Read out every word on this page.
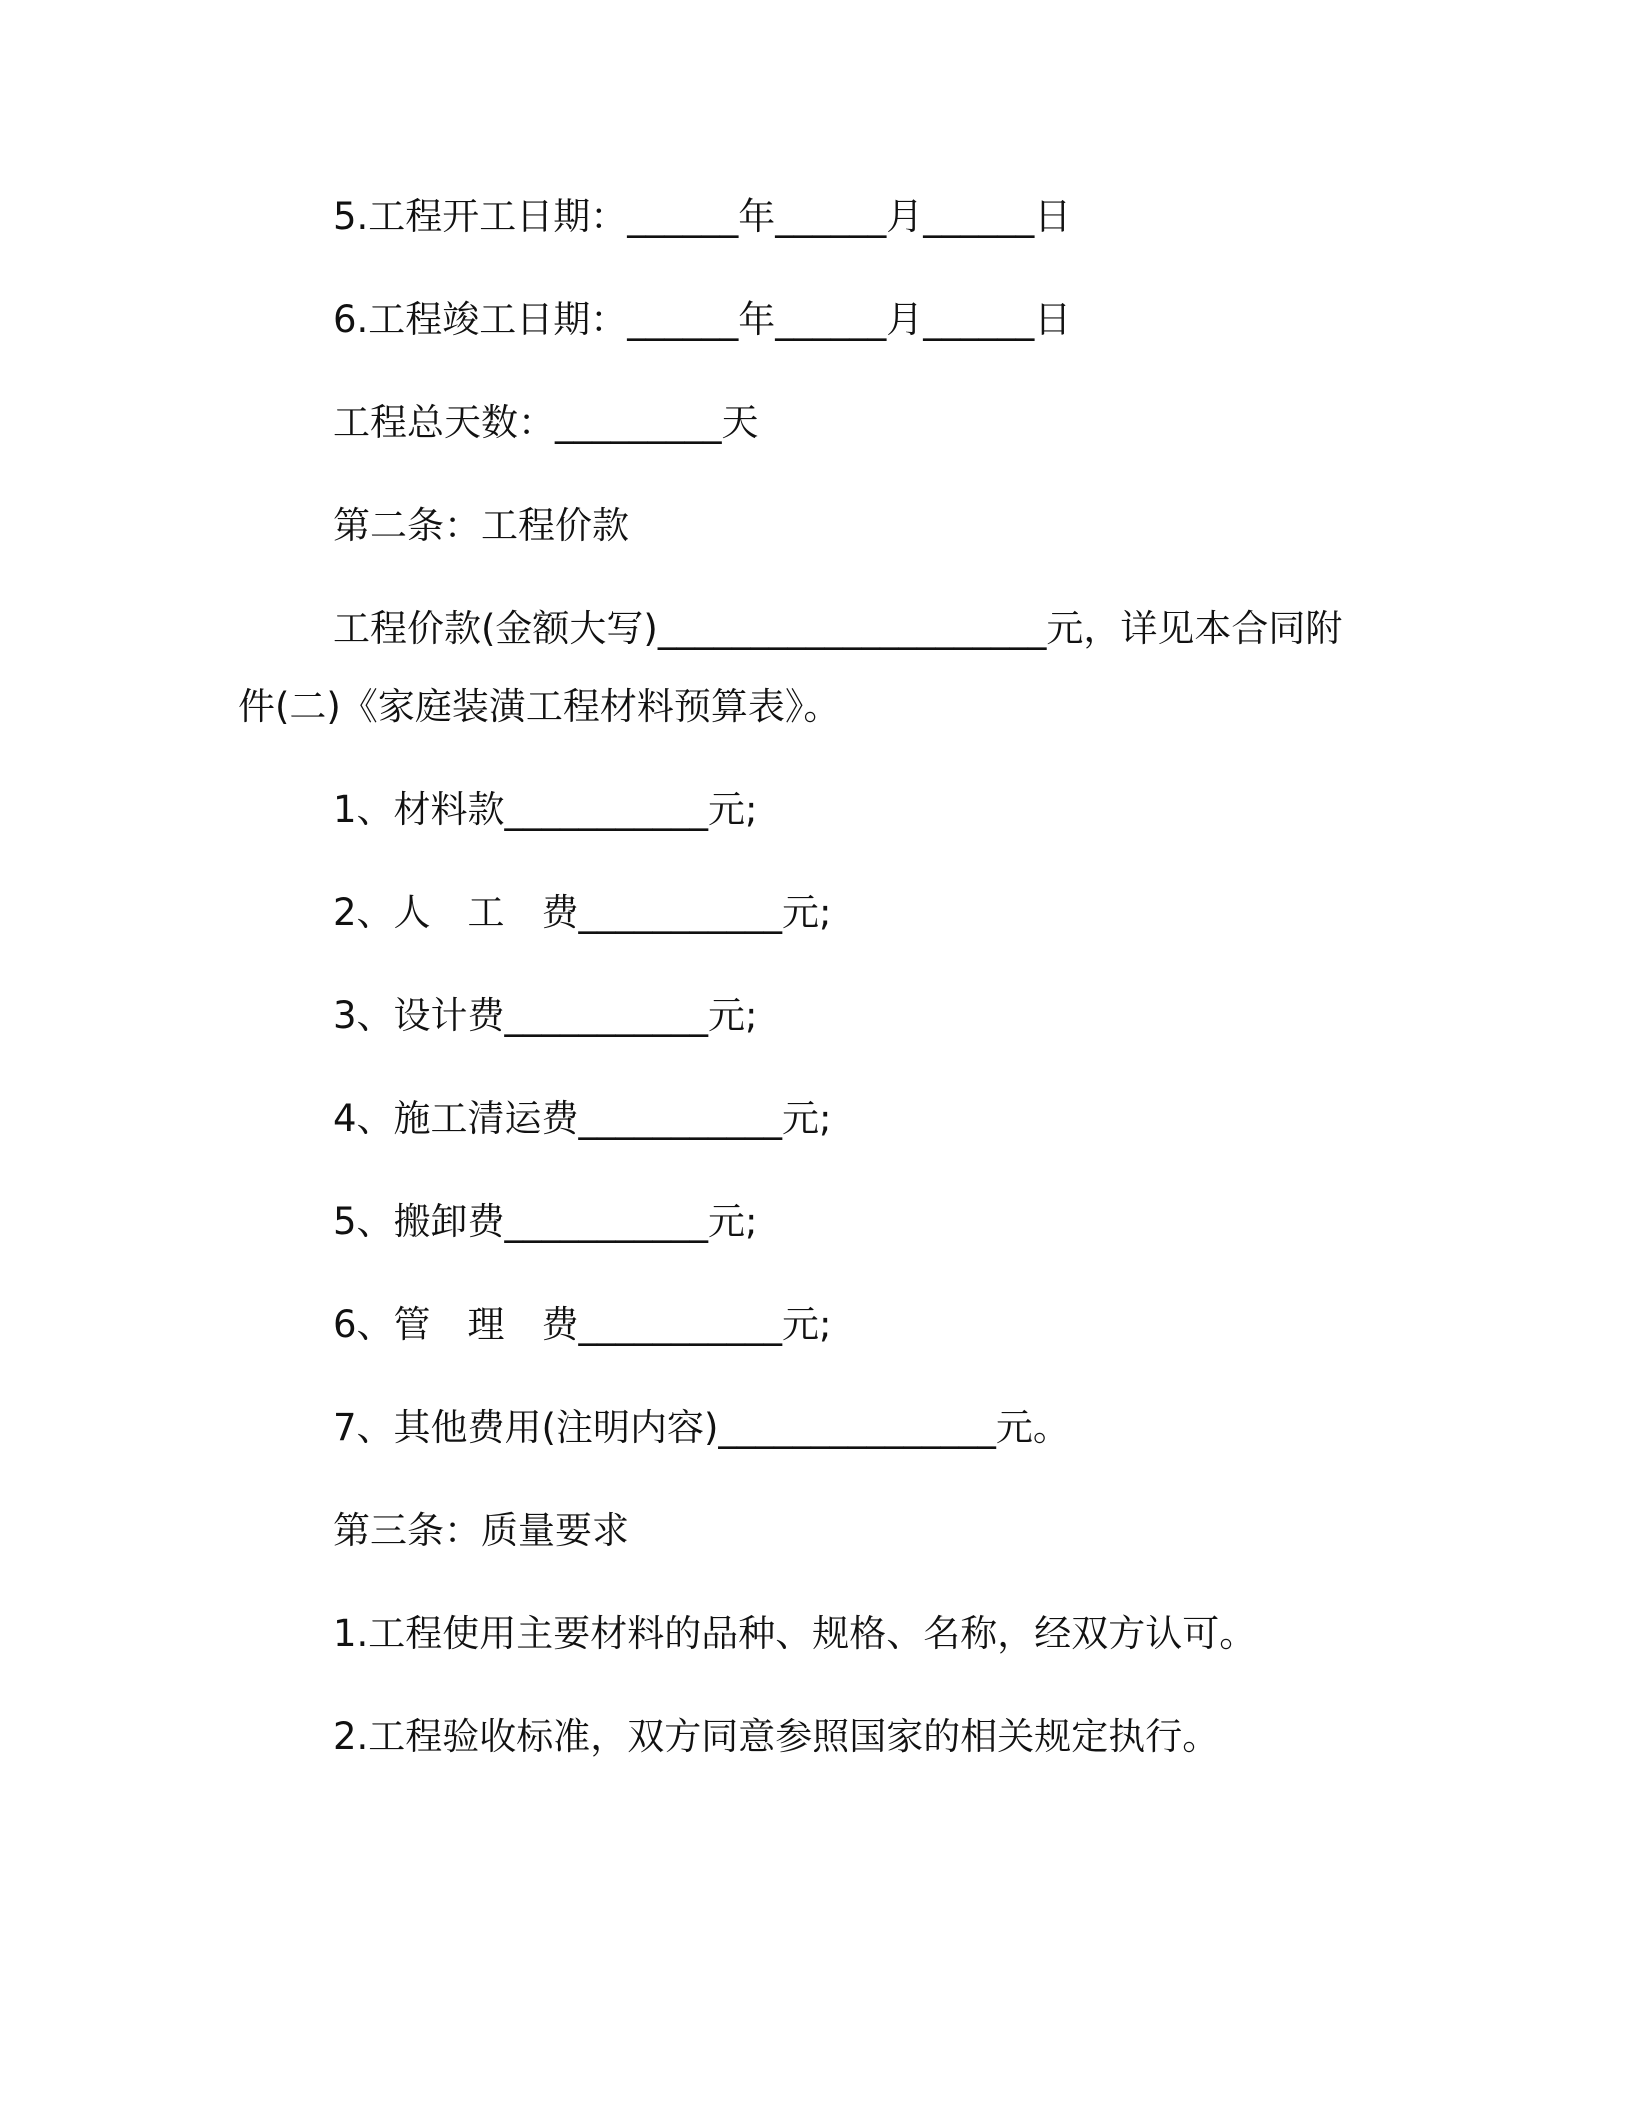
5.工程开工日期：______年______月______日
6.工程竣工日期：______年______月______日
工程总天数：_________天
第二条：工程价款
工程价款(金额大写)_____________________元，详见本合同附
件(二)《家庭装潢工程材料预算表》。
1、材料款___________元;
2、人　工　费___________元;
3、设计费___________元;
4、施工清运费___________元;
5、搬卸费___________元;
6、管　理　费___________元;
7、其他费用(注明内容)_______________元。
第三条：质量要求
1.工程使用主要材料的品种、规格、名称，经双方认可。
2.工程验收标准，双方同意参照国家的相关规定执行。
